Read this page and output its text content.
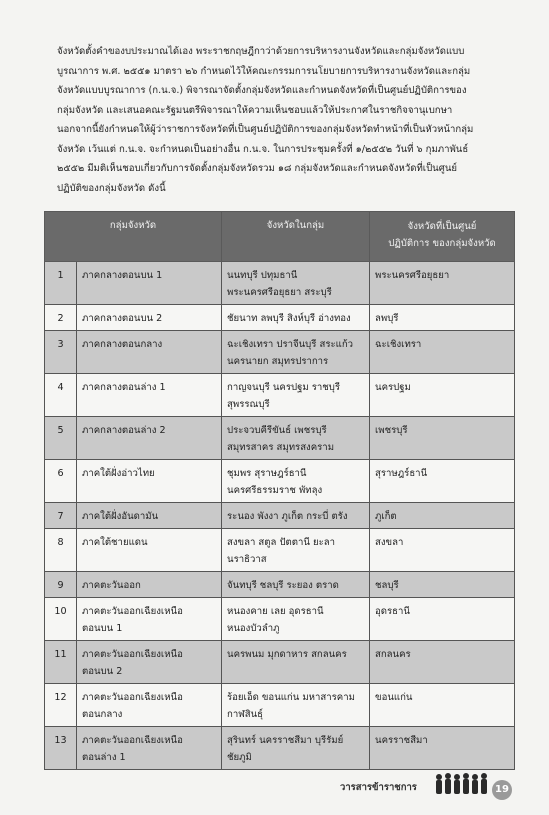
จังหวัดตั้งคำของบประมาณได้เอง พระราชกฤษฎีกาว่าด้วยการบริหารงานจังหวัดและกลุ่มจังหวัดแบบ
บูรณาการ พ.ศ. ๒๕๕๑ มาตรา ๒๖ กำหนดไว้ให้คณะกรรมการนโยบายการบริหารงานจังหวัดและกลุ่ม
จังหวัดแบบบูรณาการ (ก.น.จ.) พิจารณาจัดตั้งกลุ่มจังหวัดและกำหนดจังหวัดที่เป็นศูนย์ปฏิบัติการของ
กลุ่มจังหวัด และเสนอคณะรัฐมนตรีพิจารณาให้ความเห็นชอบแล้วให้ประกาศในราชกิจจานุเบกษา
นอกจากนี้ยังกำหนดให้ผู้ว่าราชการจังหวัดที่เป็นศูนย์ปฏิบัติการของกลุ่มจังหวัดทำหน้าที่เป็นหัวหน้ากลุ่ม
จังหวัด เว้นแต่ ก.น.จ. จะกำหนดเป็นอย่างอื่น ก.น.จ. ในการประชุมครั้งที่ ๑/๒๕๕๒ วันที่ ๖ กุมภาพันธ์
๒๕๕๒ มีมติเห็นชอบเกี่ยวกับการจัดตั้งกลุ่มจังหวัดรวม ๑๘ กลุ่มจังหวัดและกำหนดจังหวัดที่เป็นศูนย์
ปฏิบัติของกลุ่มจังหวัด ดังนี้
กลุ่มจังหวัด		จังหวัดในกลุ่ม	จังหวัดที่เป็นศูนย์
ปฏิบัติการ ของกลุ่มจังหวัด

1	ภาคกลางตอนบน 1	นนทบุรี ปทุมธานี
พระนครศรีอยุธยา สระบุรี	พระนครศรีอยุธยา
2	ภาคกลางตอนบน 2	ชัยนาท ลพบุรี สิงห์บุรี อ่างทอง	ลพบุรี
3	ภาคกลางตอนกลาง	ฉะเชิงเทรา ปราจีนบุรี สระแก้ว
นครนายก สมุทรปราการ	ฉะเชิงเทรา
4	ภาคกลางตอนล่าง 1	กาญจนบุรี นครปฐม ราชบุรี
สุพรรณบุรี	นครปฐม
5	ภาคกลางตอนล่าง 2	ประจวบคีรีขันธ์ เพชรบุรี
สมุทรสาคร สมุทรสงคราม	เพชรบุรี
6	ภาคใต้ฝั่งอ่าวไทย	ชุมพร สุราษฎร์ธานี
นครศรีธรรมราช พัทลุง	สุราษฎร์ธานี
7	ภาคใต้ฝั่งอันดามัน	ระนอง พังงา ภูเก็ต กระบี่ ตรัง	ภูเก็ต
8	ภาคใต้ชายแดน	สงขลา สตูล ปัตตานี ยะลา
นราธิวาส	สงขลา
9	ภาคตะวันออก	จันทบุรี ชลบุรี ระยอง ตราด	ชลบุรี
10	ภาคตะวันออกเฉียงเหนือ
ตอนบน 1	หนองคาย เลย อุดรธานี
หนองบัวลำภู	อุดรธานี
11	ภาคตะวันออกเฉียงเหนือ
ตอนบน 2	นครพนม มุกดาหาร สกลนคร	สกลนคร
12	ภาคตะวันออกเฉียงเหนือ
ตอนกลาง	ร้อยเอ็ด ขอนแก่น มหาสารคาม
กาฬสินธุ์	ขอนแก่น
13	ภาคตะวันออกเฉียงเหนือ
ตอนล่าง 1	สุรินทร์ นครราชสีมา บุรีรัมย์
ชัยภูมิ	นครราชสีมา
วารสารข้าราชการ	19
